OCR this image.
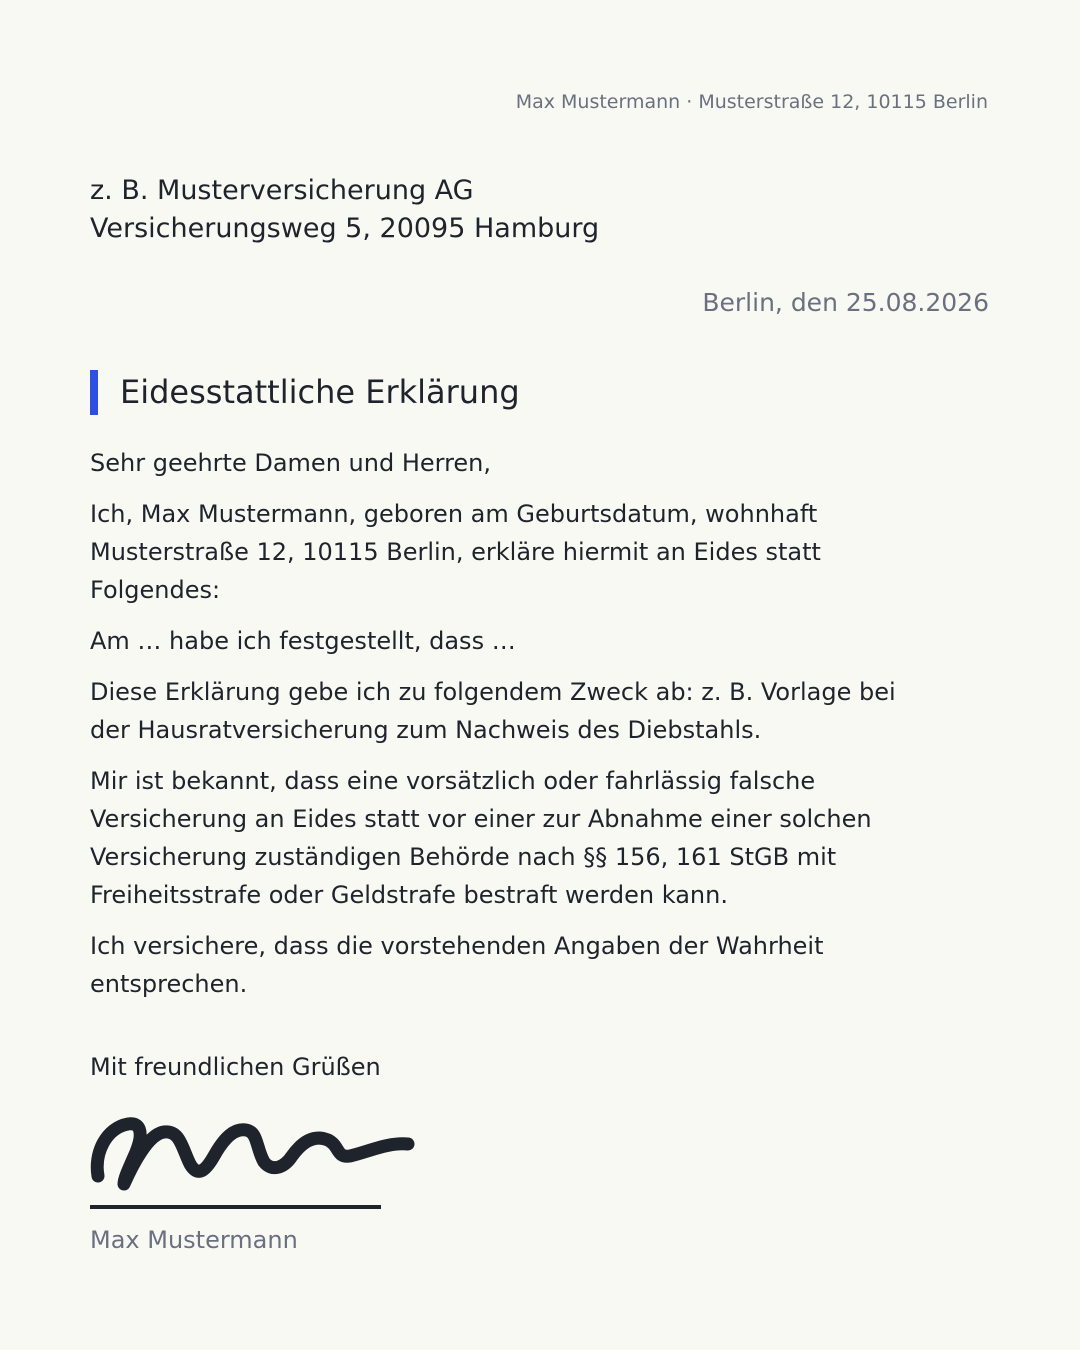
Max Mustermann · Musterstraße 12, 10115 Berlin
z. B. Musterversicherung AG
Versicherungsweg 5, 20095 Hamburg
Berlin, den 25.08.2026
Eidesstattliche Erklärung

Sehr geehrte Damen und Herren,

Ich, Max Mustermann, geboren am Geburtsdatum, wohnhaft Musterstraße 12, 10115 Berlin, erkläre hiermit an Eides statt Folgendes:

Am … habe ich festgestellt, dass …

Diese Erklärung gebe ich zu folgendem Zweck ab: z. B. Vorlage bei der Hausratversicherung zum Nachweis des Diebstahls.

Mir ist bekannt, dass eine vorsätzlich oder fahrlässig falsche Versicherung an Eides statt vor einer zur Abnahme einer solchen Versicherung zuständigen Behörde nach §§ 156, 161 StGB mit Freiheitsstrafe oder Geldstrafe bestraft werden kann.

Ich versichere, dass die vorstehenden Angaben der Wahrheit entsprechen.

Mit freundlichen Grüßen
Max Mustermann
